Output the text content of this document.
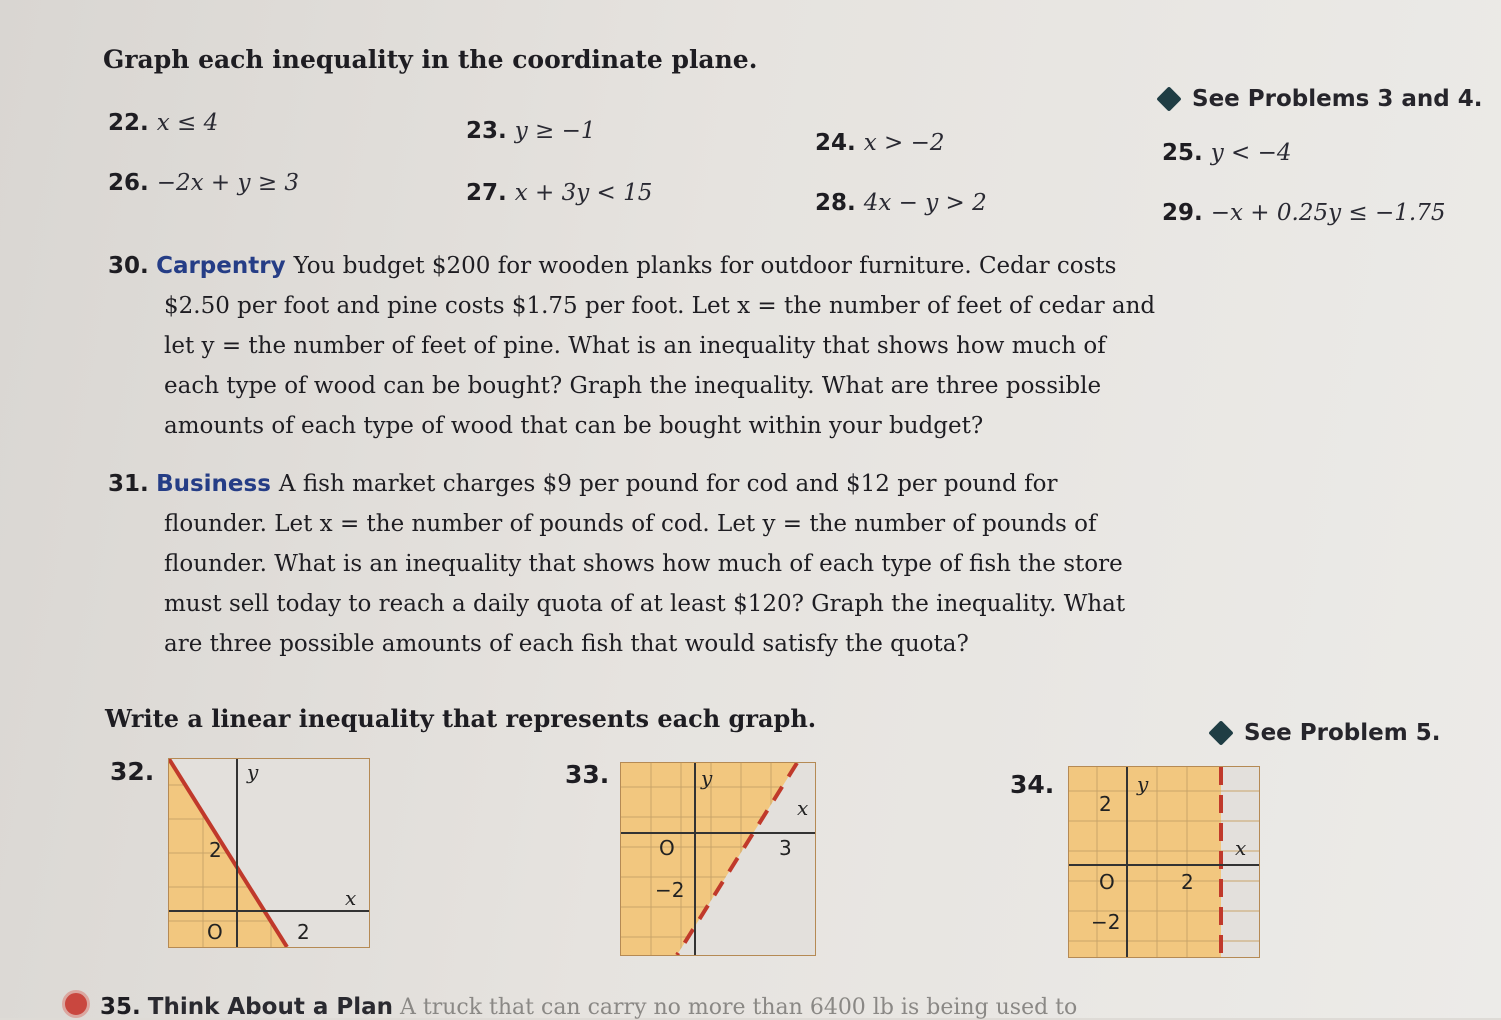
Graph each inequality in the coordinate plane.
See Problems 3 and 4.
22. x ≤ 4	23. y ≥ −1	24. x > −2	25. y < −4
26. −2x + y ≥ 3	27. x + 3y < 15	28. 4x − y > 2	29. −x + 0.25y ≤ −1.75
30. Carpentry You budget $200 for wooden planks for outdoor furniture. Cedar costs
$2.50 per foot and pine costs $1.75 per foot. Let x = the number of feet of cedar and
let y = the number of feet of pine. What is an inequality that shows how much of
each type of wood can be bought? Graph the inequality. What are three possible
amounts of each type of wood that can be bought within your budget?
31. Business A fish market charges $9 per pound for cod and $12 per pound for
flounder. Let x = the number of pounds of cod. Let y = the number of pounds of
flounder. What is an inequality that shows how much of each type of fish the store
must sell today to reach a daily quota of at least $120? Graph the inequality. What
are three possible amounts of each fish that would satisfy the quota?
Write a linear inequality that represents each graph.	See Problem 5.
32.	y
x
2
O	2
33.	y
x
O	3
−2
34.	y
x
2
O	2
−2
35. Think About a Plan A truck that can carry no more than 6400 lb is being used to
